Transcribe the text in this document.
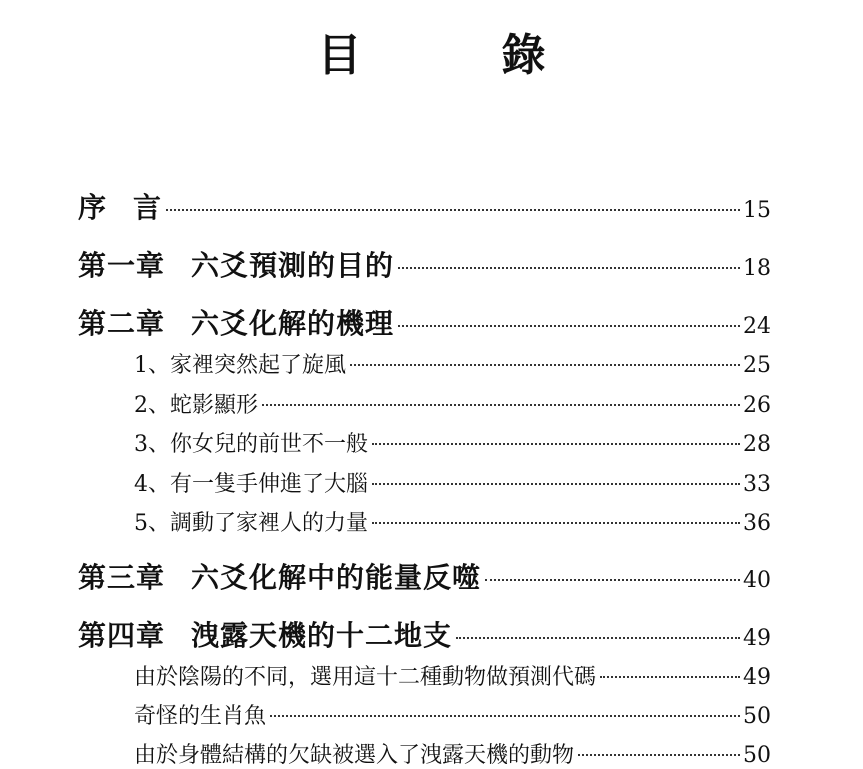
目　錄
序 言	15
第一章 六爻預測的目的	18
第二章 六爻化解的機理	24
1、家裡突然起了旋風	25
2、蛇影顯形	26
3、你女兒的前世不一般	28
4、有一隻手伸進了大腦	33
5、調動了家裡人的力量	36
第三章 六爻化解中的能量反噬	40
第四章 洩露天機的十二地支	49
由於陰陽的不同，選用這十二種動物做預測代碼	49
奇怪的生肖魚	50
由於身體結構的欠缺被選入了洩露天機的動物	50
